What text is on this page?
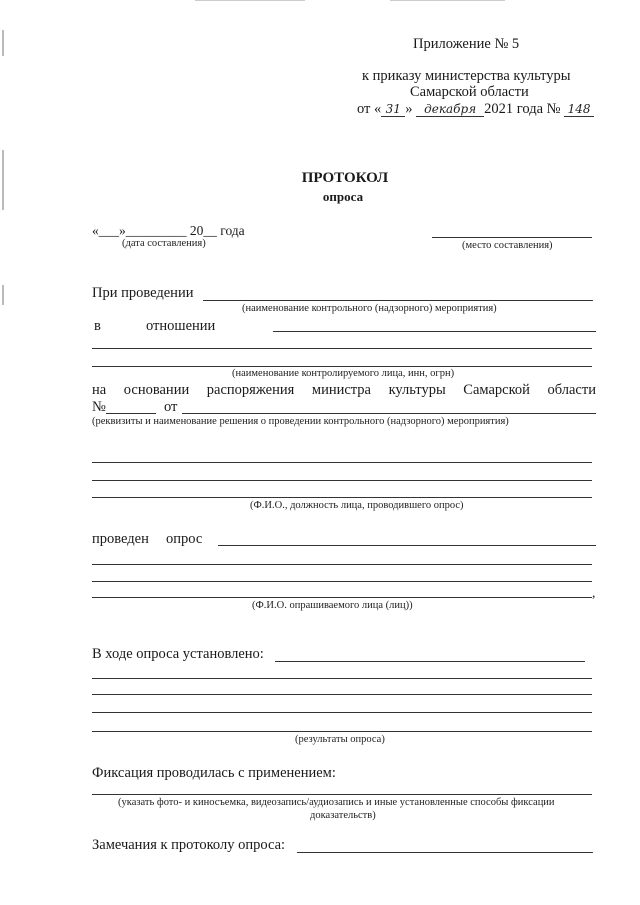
Приложение № 5
к приказу министерства культуры
Самарской области
от « 31 » декабря 2021 года № 148
ПРОТОКОЛ
опроса
«___»_________ 20__ года
(дата составления)	(место составления)
При проведении
(наименование контрольного (надзорного) мероприятия)
в	отношении
(наименование контролируемого лица, инн, огрн)
на основании распоряжения министра культуры Самарской области
№	от
(реквизиты и наименование решения о проведении контрольного (надзорного) мероприятия)
(Ф.И.О., должность лица, проводившего опрос)
проведен опрос
,
(Ф.И.О. опрашиваемого лица (лиц))
В ходе опроса установлено:
(результаты опроса)
Фиксация проводилась с применением:
(указать фото- и киносъемка, видеозапись/аудиозапись и иные установленные способы фиксации
доказательств)
Замечания к протоколу опроса:
